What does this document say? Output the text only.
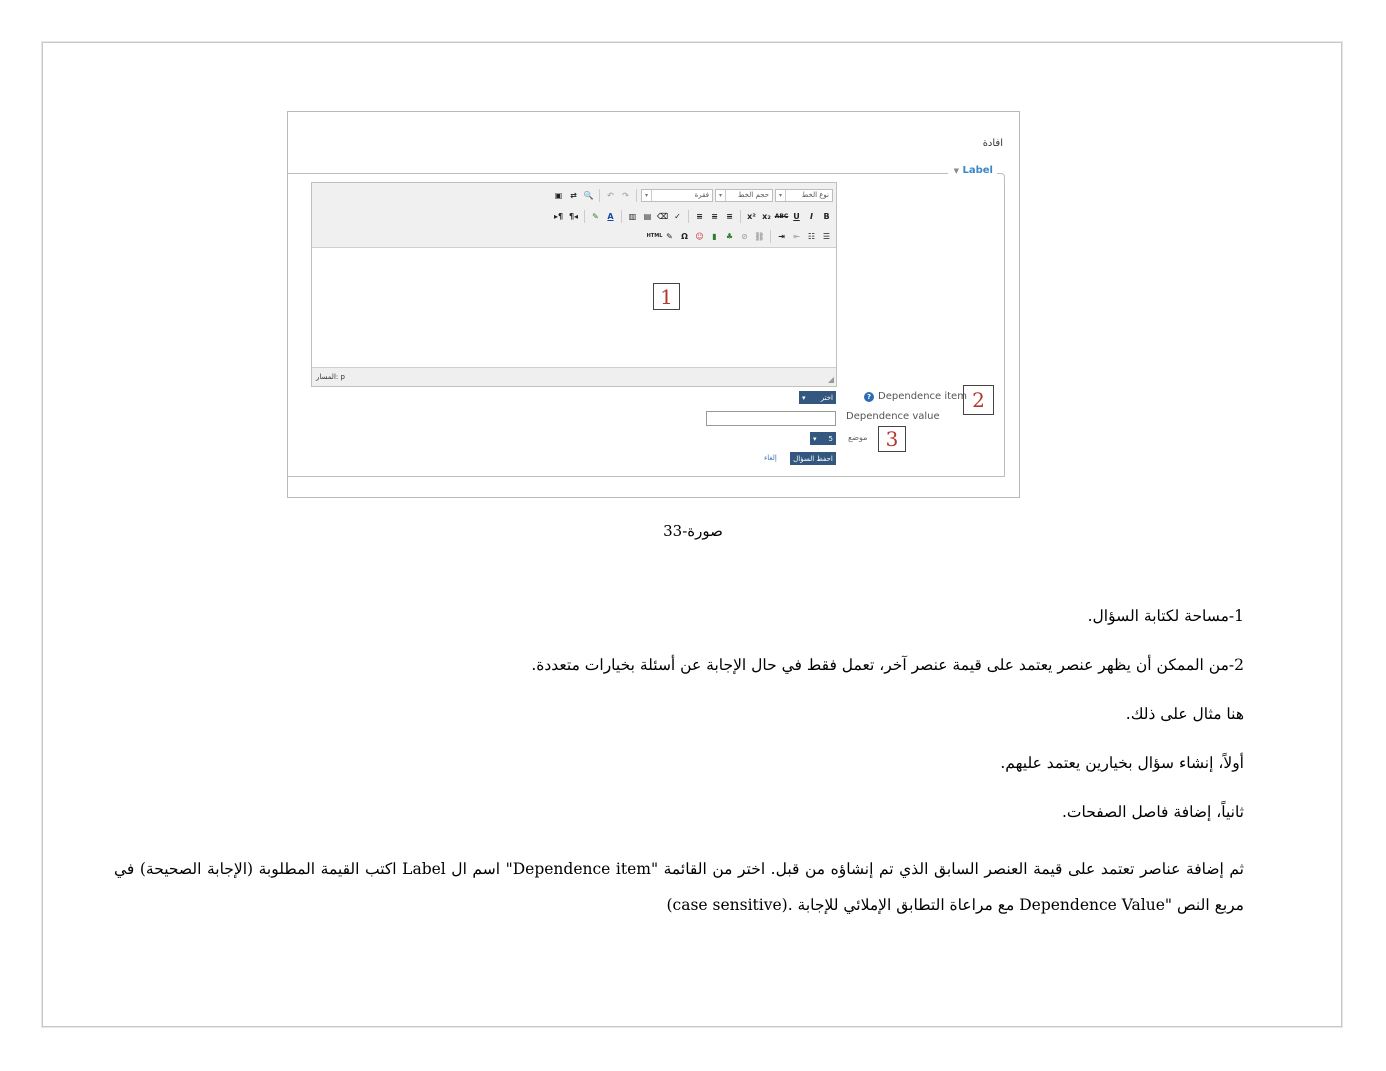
افادة
▼ Label
▾	نوع الخط
▾	حجم الخط
▾	فقرة
↷
↶
🔍
⇄
▣
B
I
U
ABC
x₂
x²
≡
≡
≡
✓
⌫
▤
▥
A
✎
¶◂
▸¶
☰
☷
⇤
⇥
⛓
⊘
♣
▮
☺
Ω
✎
HTML
المسار: p	◢
1
2
3
? Dependence item
▾ اختر
Dependence value
موضع
▾ 5
احفظ السؤال
إلغاء
صورة-33
1-مساحة لكتابة السؤال.
2-من الممكن أن يظهر عنصر يعتمد على قيمة عنصر آخر، تعمل فقط في حال الإجابة عن أسئلة بخيارات متعددة.
هنا مثال على ذلك.
أولاً، إنشاء سؤال بخيارين يعتمد عليهم.
ثانياً، إضافة فاصل الصفحات.
ثم إضافة عناصر تعتمد على قيمة العنصر السابق الذي تم إنشاؤه من قبل. اختر من القائمة "Dependence item" اسم ال Label اكتب القيمة المطلوبة (الإجابة الصحيحة) في مربع النص "Dependence Value مع مراعاة التطابق الإملائي للإجابة .(case sensitive)
